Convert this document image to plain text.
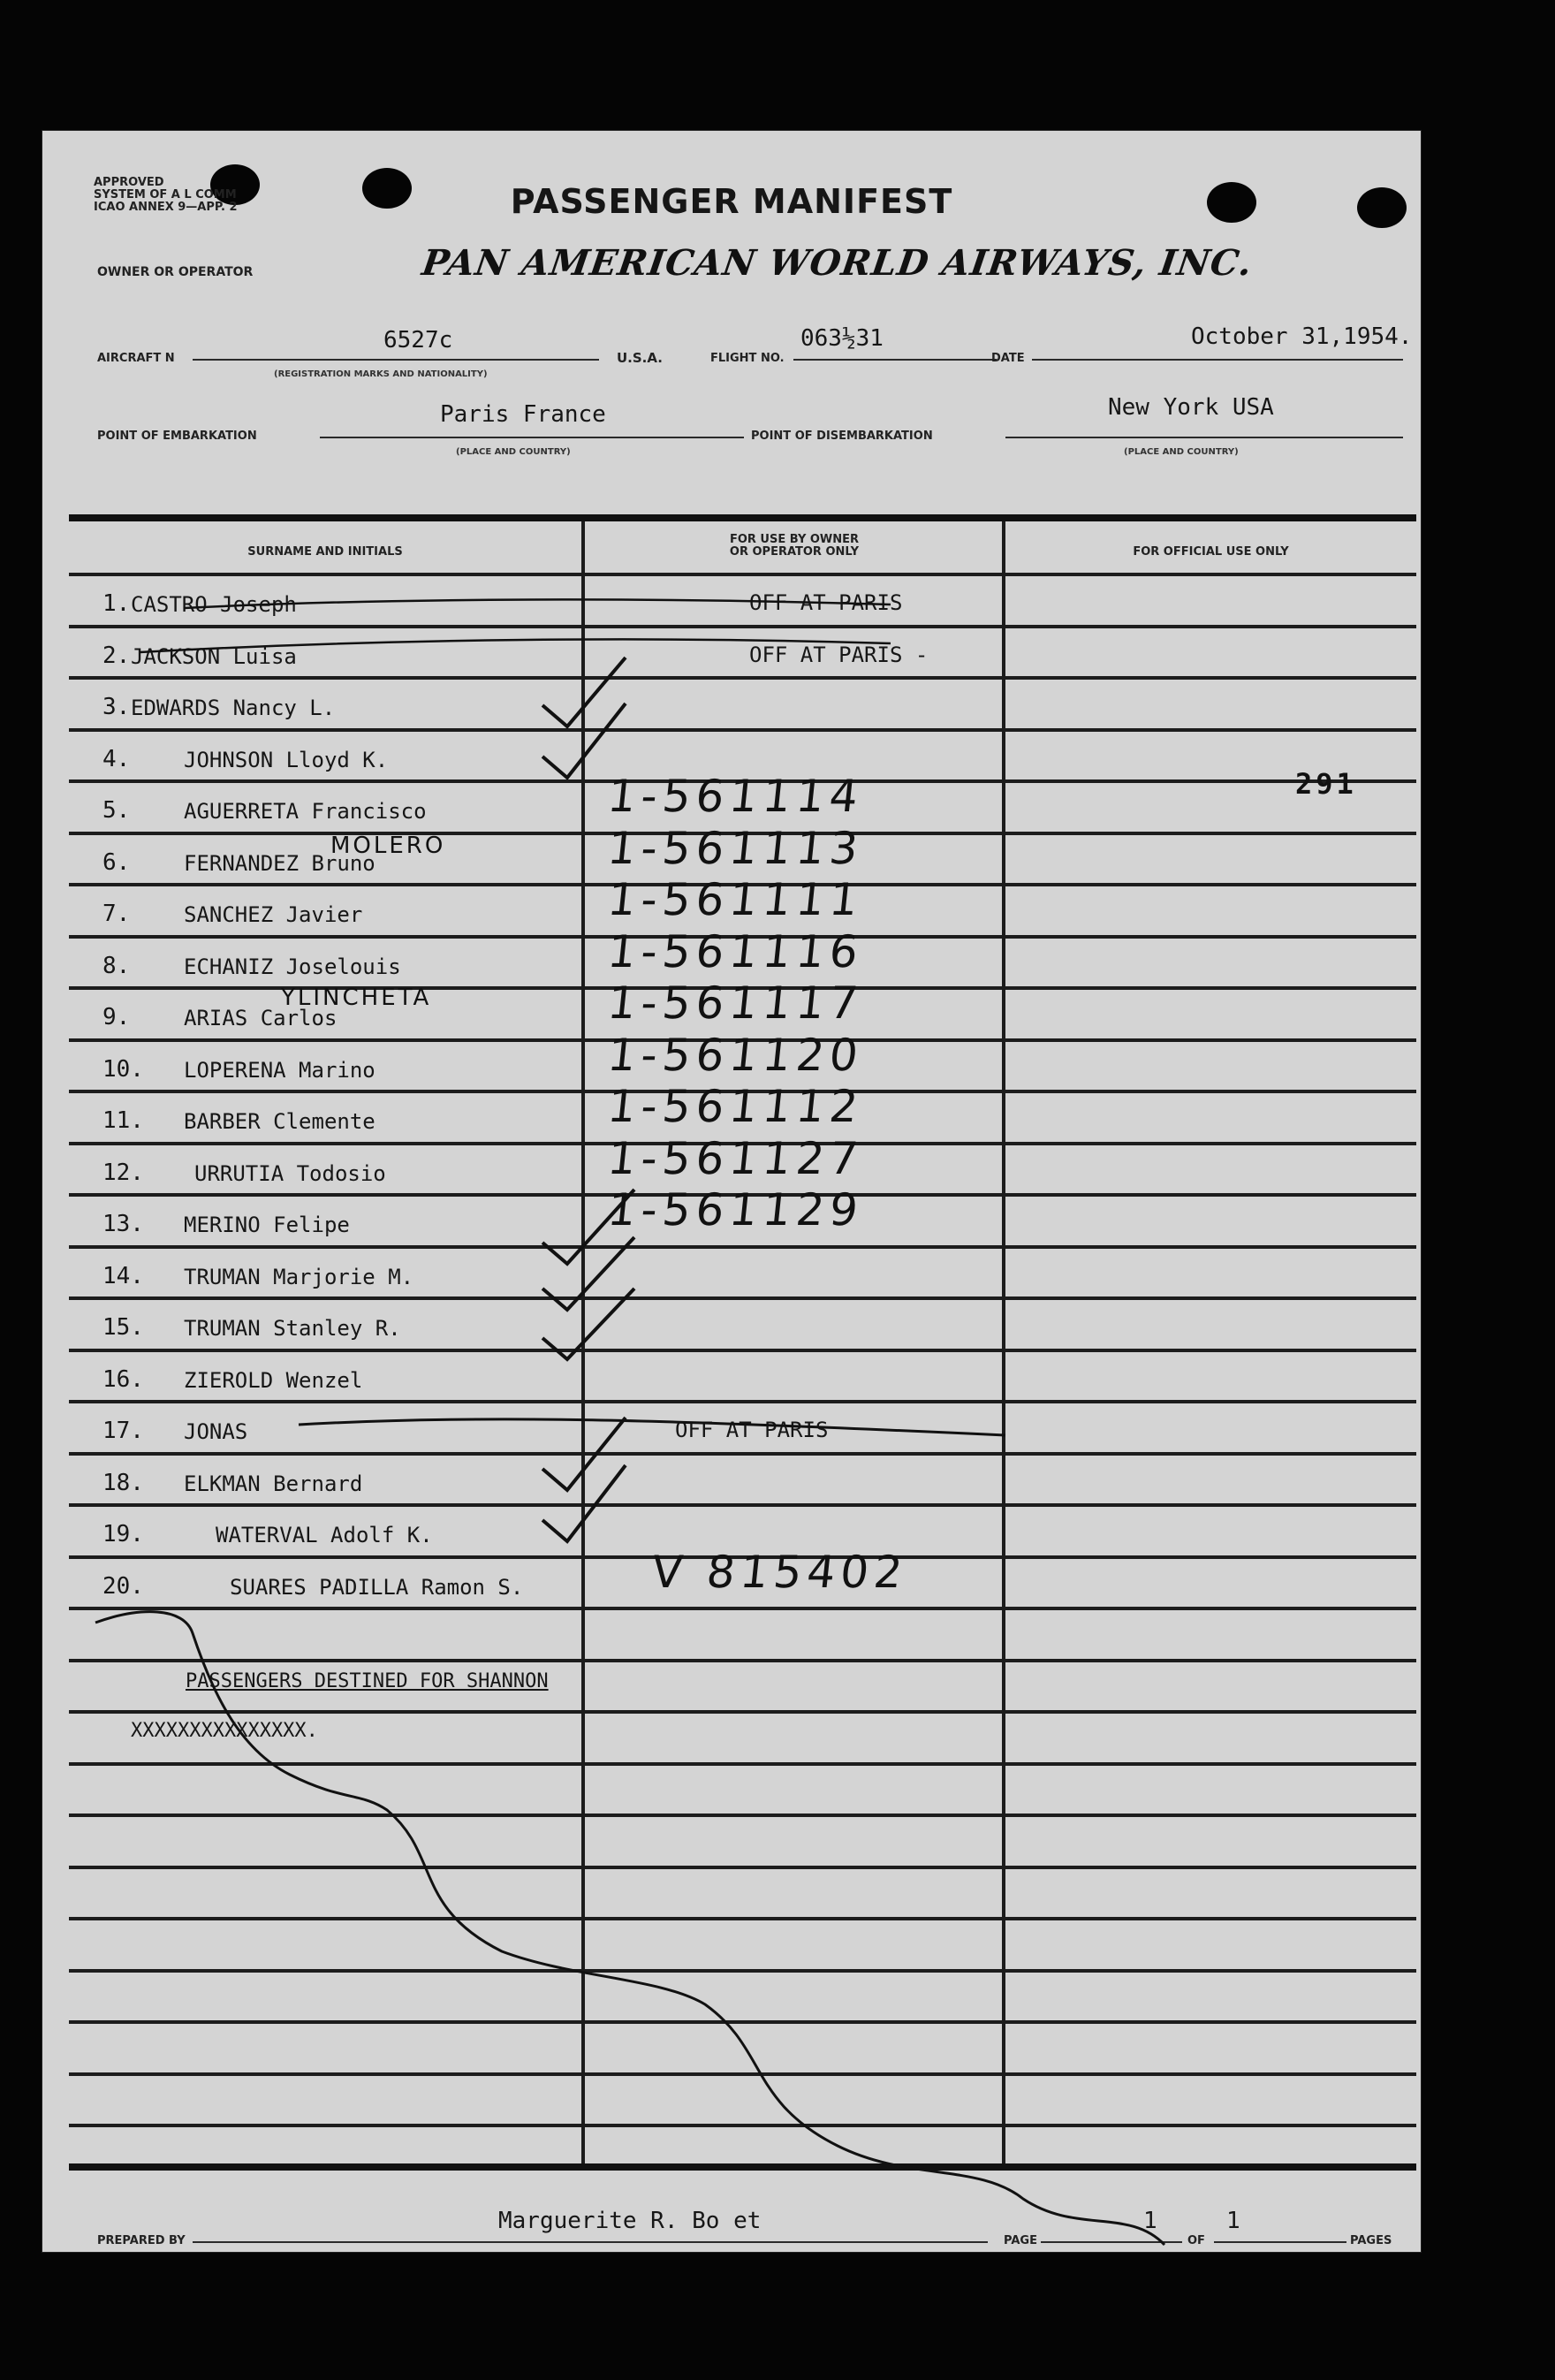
APPROVED
SYSTEM OF A L COMM
ICAO ANNEX 9—APP. 2	PASSENGER MANIFEST
OWNER OR OPERATOR	PAN AMERICAN WORLD AIRWAYS, INC.
AIRCRAFT N
6527c
(REGISTRATION MARKS AND NATIONALITY)
U.S.A.	FLIGHT NO.
063½31
DATE
October 31,1954.
POINT OF EMBARKATION
Paris France
(PLACE AND COUNTRY)
POINT OF DISEMBARKATION
New York USA
(PLACE AND COUNTRY)
SURNAME AND INITIALS
FOR USE BY OWNER
OR OPERATOR ONLY	FOR OFFICIAL USE ONLY
1. CASTRO Joseph	OFF AT PARIS
2. JACKSON Luisa	OFF AT PARIS -
3. EDWARDS Nancy L.
4.	JOHNSON Lloyd K.
5.	AGUERRETA Francisco	1-561114
6.	FERNANDEZ Bruno	1-561113
7.	SANCHEZ Javier	1-561111
8.	ECHANIZ Joselouis	1-561116
9.	ARIAS Carlos	1-561117
10. LOPERENA Marino	1-561120
11. BARBER Clemente	1-561112
12. URRUTIA Todosio	1-561127
13. MERINO Felipe	1-561129
14. TRUMAN Marjorie M.
15. TRUMAN Stanley R.
16. ZIEROLD Wenzel
17. JONAS	OFF AT PARIS
18. ELKMAN Bernard
19.	WATERVAL Adolf K.
20.	SUARES PADILLA Ramon S.	V 815402
MOLERO
YLINCHETA
291
PASSENGERS DESTINED FOR SHANNON
XXXXXXXXXXXXXXX.
PREPARED BY
Marguerite R. Bo et
PAGE
1
OF
1
PAGES
